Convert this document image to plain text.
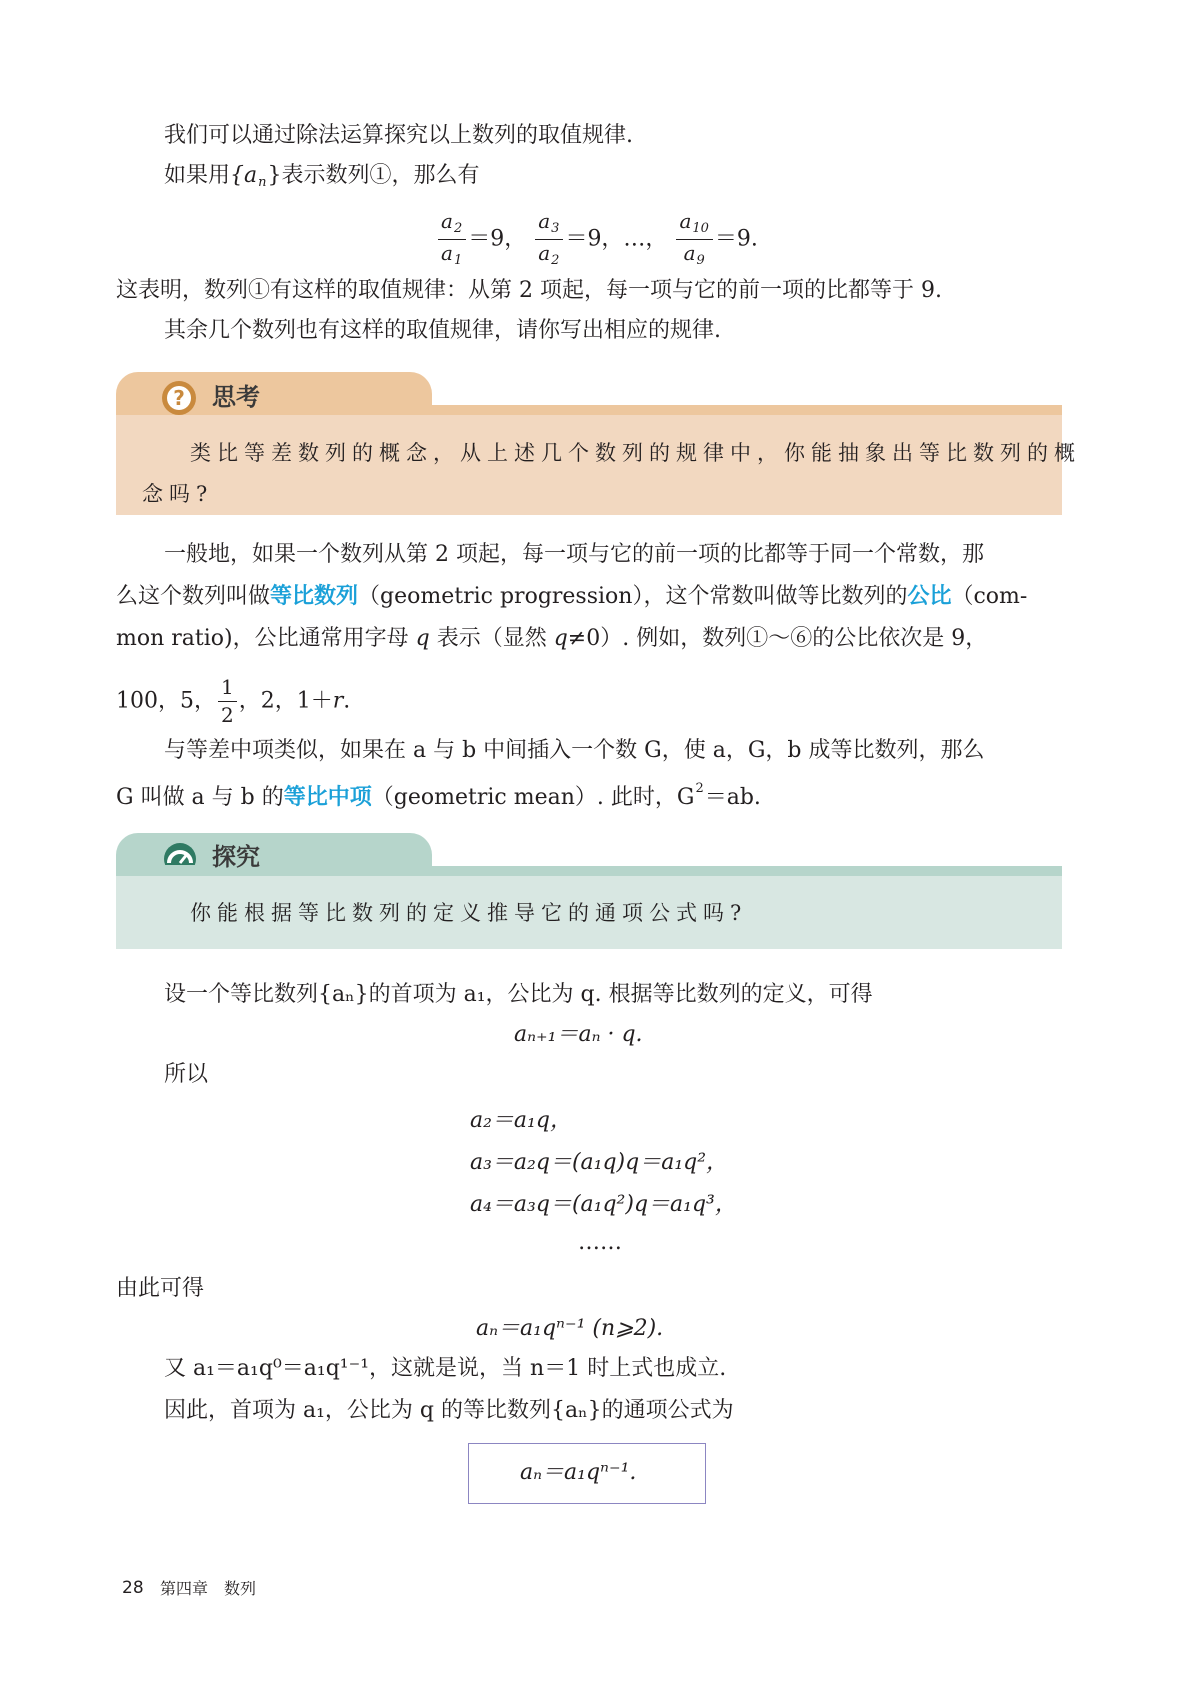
我们可以通过除法运算探究以上数列的取值规律.
如果用$\{a_n\}$表示数列①，那么有
$\frac{a_2}{a_1} =9$， $\frac{a_3}{a_2} =9$，…， $\frac{a_{10}}{a_9} =9$.
这表明，数列①有这样的取值规律：从第 2 项起，每一项与它的前一项的比都等于 9.
其余几个数列也有这样的取值规律，请你写出相应的规律.
? 思考
类比等差数列的概念，从上述几个数列的规律中，你能抽象出等比数列的概
念吗?
一般地，如果一个数列从第 2 项起，每一项与它的前一项的比都等于同一个常数，那
么这个数列叫做等比数列（geometric progression），这个常数叫做等比数列的公比（com-
mon ratio)，公比通常用字母 q 表示（显然 q≠0）. 例如，数列①～⑥的公比依次是 9，
100，5， $\frac{1}{2}$ ，2，1＋r.
与等差中项类似，如果在 a 与 b 中间插入一个数 G，使 a，G，b 成等比数列，那么
G 叫做 a 与 b 的等比中项（geometric mean）. 此时，$G^2=ab$.
探究
你能根据等比数列的定义推导它的通项公式吗?
设一个等比数列{aₙ}的首项为 a₁，公比为 q. 根据等比数列的定义，可得
aₙ₊₁＝aₙ · q.
所以
a₂＝a₁q，
a₃＝a₂q＝(a₁q)q＝a₁q²，
a₄＝a₃q＝(a₁q²)q＝a₁q³，
……
由此可得
aₙ＝a₁qⁿ⁻¹ (n⩾2).
又 a₁＝a₁q⁰＝a₁q¹⁻¹，这就是说，当 n＝1 时上式也成立.
因此，首项为 a₁，公比为 q 的等比数列{aₙ}的通项公式为
aₙ＝a₁qⁿ⁻¹.
28 第四章　数列
